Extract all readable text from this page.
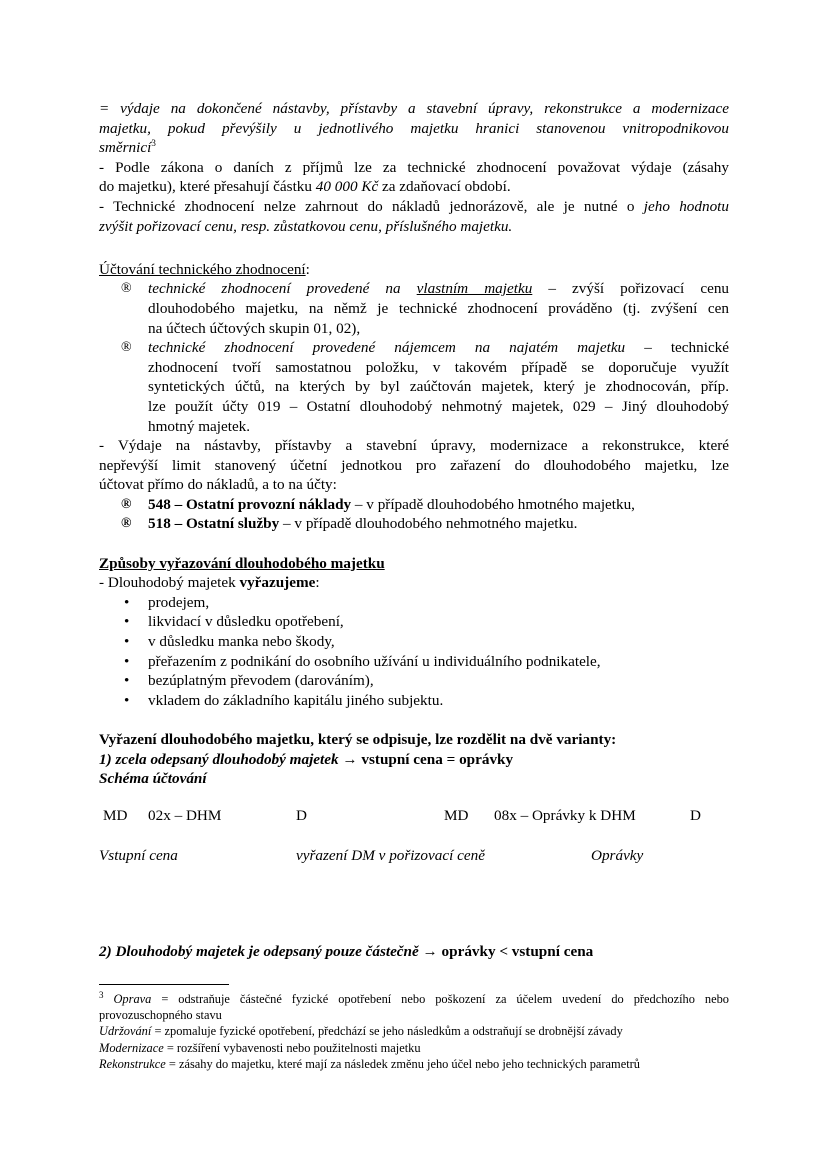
= výdaje na dokončené nástavby, přístavby a stavební úpravy, rekonstrukce a modernizace

majetku, pokud převýšily u jednotlivého majetku hranici stanovenou vnitropodnikovou

směrnicí$^3$

- Podle zákona o daních z příjmů lze za technické zhodnocení považovat výdaje (zásahy

do majetku), které přesahují částku 40 000 Kč za zdaňovací období.

- Technické zhodnocení nelze zahrnout do nákladů jednorázově, ale je nutné o jeho hodnotu

zvýšit pořizovací cenu, resp. zůstatkovou cenu, příslušného majetku.

Účtování technického zhodnocení:

® technické zhodnocení provedené na vlastním majetku – zvýší pořizovací cenu

dlouhodobého majetku, na němž je technické zhodnocení prováděno (tj. zvýšení cen

na účtech účtových skupin 01, 02),

® technické zhodnocení provedené nájemcem na najatém majetku – technické

zhodnocení tvoří samostatnou položku, v takovém případě se doporučuje využít

syntetických účtů, na kterých by byl zaúčtován majetek, který je zhodnocován, příp.

lze použít účty 019 – Ostatní dlouhodobý nehmotný majetek, 029 – Jiný dlouhodobý

hmotný majetek.

- Výdaje na nástavby, přístavby a stavební úpravy, modernizace a rekonstrukce, které

nepřevýší limit stanovený účetní jednotkou pro zařazení do dlouhodobého majetku, lze

účtovat přímo do nákladů, a to na účty:

® 548 – Ostatní provozní náklady – v případě dlouhodobého hmotného majetku,

® 518 – Ostatní služby – v případě dlouhodobého nehmotného majetku.

Způsoby vyřazování dlouhodobého majetku

- Dlouhodobý majetek vyřazujeme:

• prodejem,
• likvidací v důsledku opotřebení,
• v důsledku manka nebo škody,
• přeřazením z podnikání do osobního užívání u individuálního podnikatele,
• bezúplatným převodem (darováním),
• vkladem do základního kapitálu jiného subjektu.

Vyřazení dlouhodobého majetku, který se odpisuje, lze rozdělit na dvě varianty:

1) zcela odepsaný dlouhodobý majetek → vstupní cena = oprávky

Schéma účtování

MD 02x – DHM	D	MD 08x – Oprávky k DHM	D
Vstupní cena	vyřazení DM v pořizovací ceně	Oprávky

2) Dlouhodobý majetek je odepsaný pouze částečně → oprávky < vstupní cena

$^3$ Oprava = odstraňuje částečné fyzické opotřebení nebo poškození za účelem uvedení do předchozího nebo

provozuschopného stavu

Udržování = zpomaluje fyzické opotřebení, předchází se jeho následkům a odstraňují se drobnější závady

Modernizace = rozšíření vybavenosti nebo použitelnosti majetku

Rekonstrukce = zásahy do majetku, které mají za následek změnu jeho účel nebo jeho technických parametrů
